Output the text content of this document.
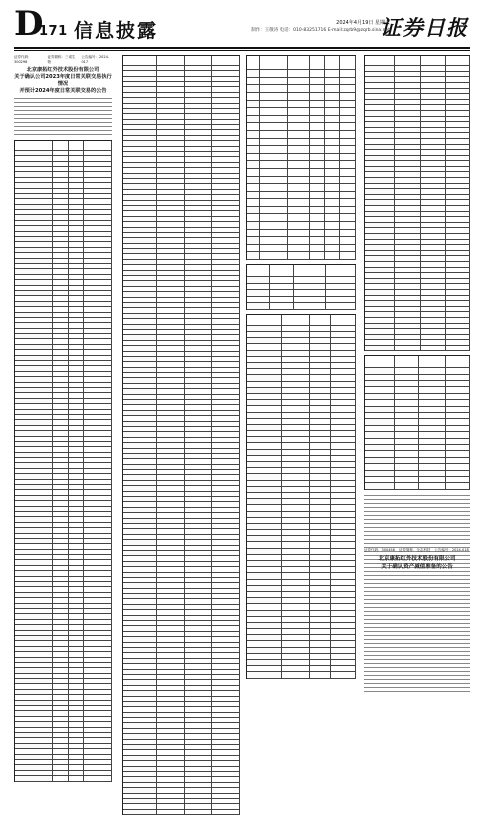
D
171 信息披露	2024年4月19日 星期五
制作：王敬涛 电话：010-83251716 E-mail:zqrb9@zqrb.sina.net
证券日报
证券代码：300298
证券简称：三诺生物
公告编号：2024-017
北京康拓红外技术股份有限公司
关于确认公司2023年度日常关联交易执行情况
并预计2024年度日常关联交易的公告
证券代码：300458 证券简称：全志科技 公告编号：2024-018
北京康拓红外技术股份有限公司
关于确认资产减值准备的公告
